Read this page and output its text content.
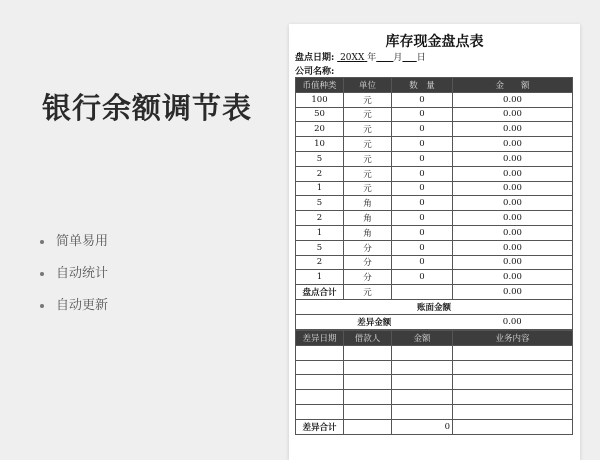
银行余额调节表
简单易用
自动统计
自动更新
库存现金盘点表
盘点日期: 20XX 年 月 日
公司名称:
币值种类	单位	数　量	金　　额
100	元	0	0.00
50	元	0	0.00
20	元	0	0.00
10	元	0	0.00
5	元	0	0.00
2	元	0	0.00
1	元	0	0.00
5	角	0	0.00
2	角	0	0.00
1	角	0	0.00
5	分	0	0.00
2	分	0	0.00
1	分	0	0.00
盘点合计	元		0.00
账面金额			
差异金额			0.00
差异日期	借款人	金额	业务内容

差异合计		0	
